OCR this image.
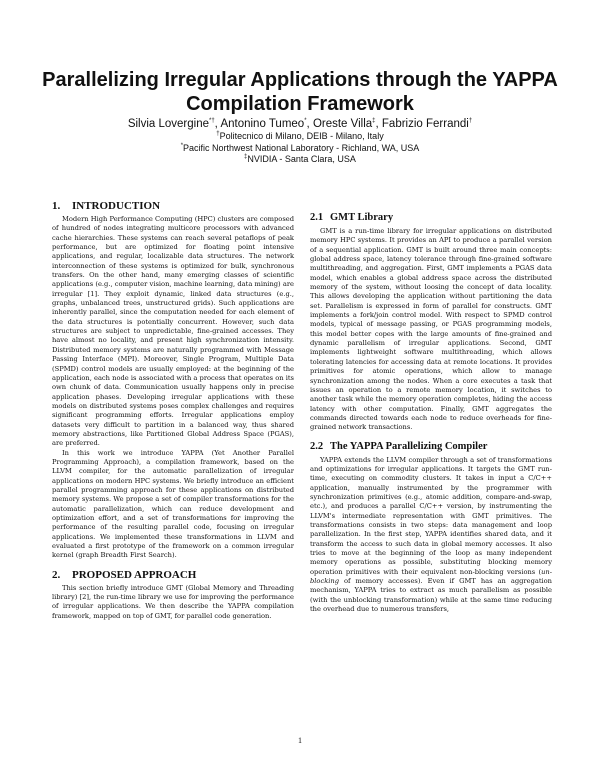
Parallelizing Irregular Applications through the YAPPA Compilation Framework
Silvia Lovergine*†, Antonino Tumeo*, Oreste Villa‡, Fabrizio Ferrandi†
†Politecnico di Milano, DEIB - Milano, Italy
*Pacific Northwest National Laboratory - Richland, WA, USA
‡NVIDIA - Santa Clara, USA
1. INTRODUCTION

Modern High Performance Computing (HPC) clusters are composed of hundred of nodes integrating multicore processors with advanced cache hierarchies. These systems can reach several petaflops of peak performance, but are optimized for floating point intensive applications, and regular, localizable data structures. The network interconnection of these systems is optimized for bulk, synchronous transfers. On the other hand, many emerging classes of scientific applications (e.g., computer vision, machine learning, data mining) are irregular [1]. They exploit dynamic, linked data structures (e.g., graphs, unbalanced trees, unstructured grids). Such applications are inherently parallel, since the computation needed for each element of the data structures is potentially concurrent. However, such data structures are subject to unpredictable, fine-grained accesses. They have almost no locality, and present high synchronization intensity. Distributed memory systems are naturally programmed with Message Passing Interface (MPI). Moreover, Single Program, Multiple Data (SPMD) control models are usually employed: at the beginning of the application, each node is associated with a process that operates on its own chunk of data. Communication usually happens only in precise application phases. Developing irregular applications with these models on distributed systems poses complex challenges and requires significant programming efforts. Irregular applications employ datasets very difficult to partition in a balanced way, thus shared memory abstractions, like Partitioned Global Address Space (PGAS), are preferred.

In this work we introduce YAPPA (Yet Another Parallel Programming Approach), a compilation framework, based on the LLVM compiler, for the automatic parallelization of irregular applications on modern HPC systems. We briefly introduce an efficient parallel programming approach for these applications on distributed memory systems. We propose a set of compiler transformations for the automatic parallelization, which can reduce development and optimization effort, and a set of transformations for improving the performance of the resulting parallel code, focusing on irregular applications. We implemented these transformations in LLVM and evaluated a first prototype of the framework on a common irregular kernel (graph Breadth First Search).

2. PROPOSED APPROACH

This section briefly introduce GMT (Global Memory and Threading library) [2], the run-time library we use for improving the performance of irregular applications. We then describe the YAPPA compilation framework, mapped on top of GMT, for parallel code generation.

2.1 GMT Library

GMT is a run-time library for irregular applications on distributed memory HPC systems. It provides an API to produce a parallel version of a sequential application. GMT is built around three main concepts: global address space, latency tolerance through fine-grained software multithreading, and aggregation. First, GMT implements a PGAS data model, which enables a global address space across the distributed memory of the system, without loosing the concept of data locality. This allows developing the application without partitioning the data set. Parallelism is expressed in form of parallel for constructs. GMT implements a fork/join control model. With respect to SPMD control models, typical of message passing, or PGAS programming models, this model better copes with the large amounts of fine-grained and dynamic parallelism of irregular applications. Second, GMT implements lightweight software multithreading, which allows tolerating latencies for accessing data at remote locations. It provides primitives for atomic operations, which allow to manage synchronization among the nodes. When a core executes a task that issues an operation to a remote memory location, it switches to another task while the memory operation completes, hiding the access latency with other computation. Finally, GMT aggregates the commands directed towards each node to reduce overheads for fine-grained network transactions.

2.2 The YAPPA Parallelizing Compiler

YAPPA extends the LLVM compiler through a set of transformations and optimizations for irregular applications. It targets the GMT run-time, executing on commodity clusters. It takes in input a C/C++ application, manually instrumented by the programmer with synchronization primitives (e.g., atomic addition, compare-and-swap, etc.), and produces a parallel C/C++ version, by instrumenting the LLVM's intermediate representation with GMT primitives. The transformations consists in two steps: data management and loop parallelization. In the first step, YAPPA identifies shared data, and it transform the access to such data in global memory accesses. It also tries to move at the beginning of the loop as many independent memory operations as possible, substituting blocking memory operation primitives with their equivalent non-blocking versions (un-blocking of memory accesses). Even if GMT has an aggregation mechanism, YAPPA tries to extract as much parallelism as possible (with the unblocking transformation) while at the same time reducing the overhead due to numerous transfers,

1
